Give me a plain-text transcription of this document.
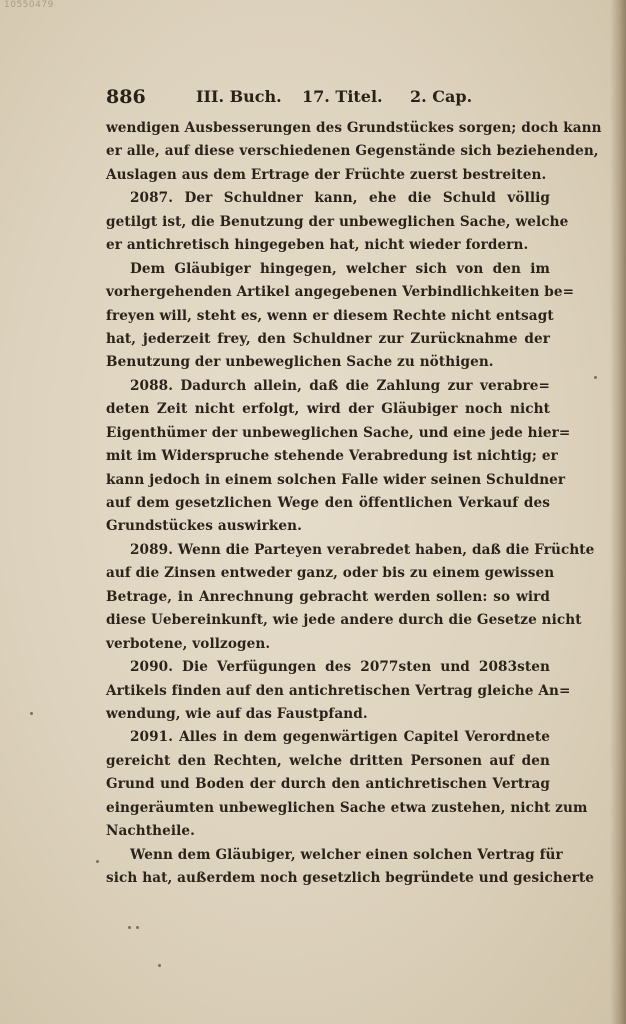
10550479
886	III. Buch. 17. Titel. 2. Cap.
wendigen Ausbesserungen des Grundstückes sorgen; doch kann
er alle, auf diese verschiedenen Gegenstände sich beziehenden,
Auslagen aus dem Ertrage der Früchte zuerst bestreiten.
2087. Der Schuldner kann, ehe die Schuld völlig
getilgt ist, die Benutzung der unbeweglichen Sache, welche
er antichretisch hingegeben hat, nicht wieder fordern.
Dem Gläubiger hingegen, welcher sich von den im
vorhergehenden Artikel angegebenen Verbindlichkeiten be=
freyen will, steht es, wenn er diesem Rechte nicht entsagt
hat, jederzeit frey, den Schuldner zur Zurücknahme der
Benutzung der unbeweglichen Sache zu nöthigen.
2088. Dadurch allein, daß die Zahlung zur verabre=
deten Zeit nicht erfolgt, wird der Gläubiger noch nicht
Eigenthümer der unbeweglichen Sache, und eine jede hier=
mit im Widerspruche stehende Verabredung ist nichtig; er
kann jedoch in einem solchen Falle wider seinen Schuldner
auf dem gesetzlichen Wege den öffentlichen Verkauf des
Grundstückes auswirken.
2089. Wenn die Parteyen verabredet haben, daß die Früchte
auf die Zinsen entweder ganz, oder bis zu einem gewissen
Betrage, in Anrechnung gebracht werden sollen: so wird
diese Uebereinkunft, wie jede andere durch die Gesetze nicht
verbotene, vollzogen.
2090. Die Verfügungen des 2077sten und 2083sten
Artikels finden auf den antichretischen Vertrag gleiche An=
wendung, wie auf das Faustpfand.
2091. Alles in dem gegenwärtigen Capitel Verordnete
gereicht den Rechten, welche dritten Personen auf den
Grund und Boden der durch den antichretischen Vertrag
eingeräumten unbeweglichen Sache etwa zustehen, nicht zum
Nachtheile.
Wenn dem Gläubiger, welcher einen solchen Vertrag für
sich hat, außerdem noch gesetzlich begründete und gesicherte
